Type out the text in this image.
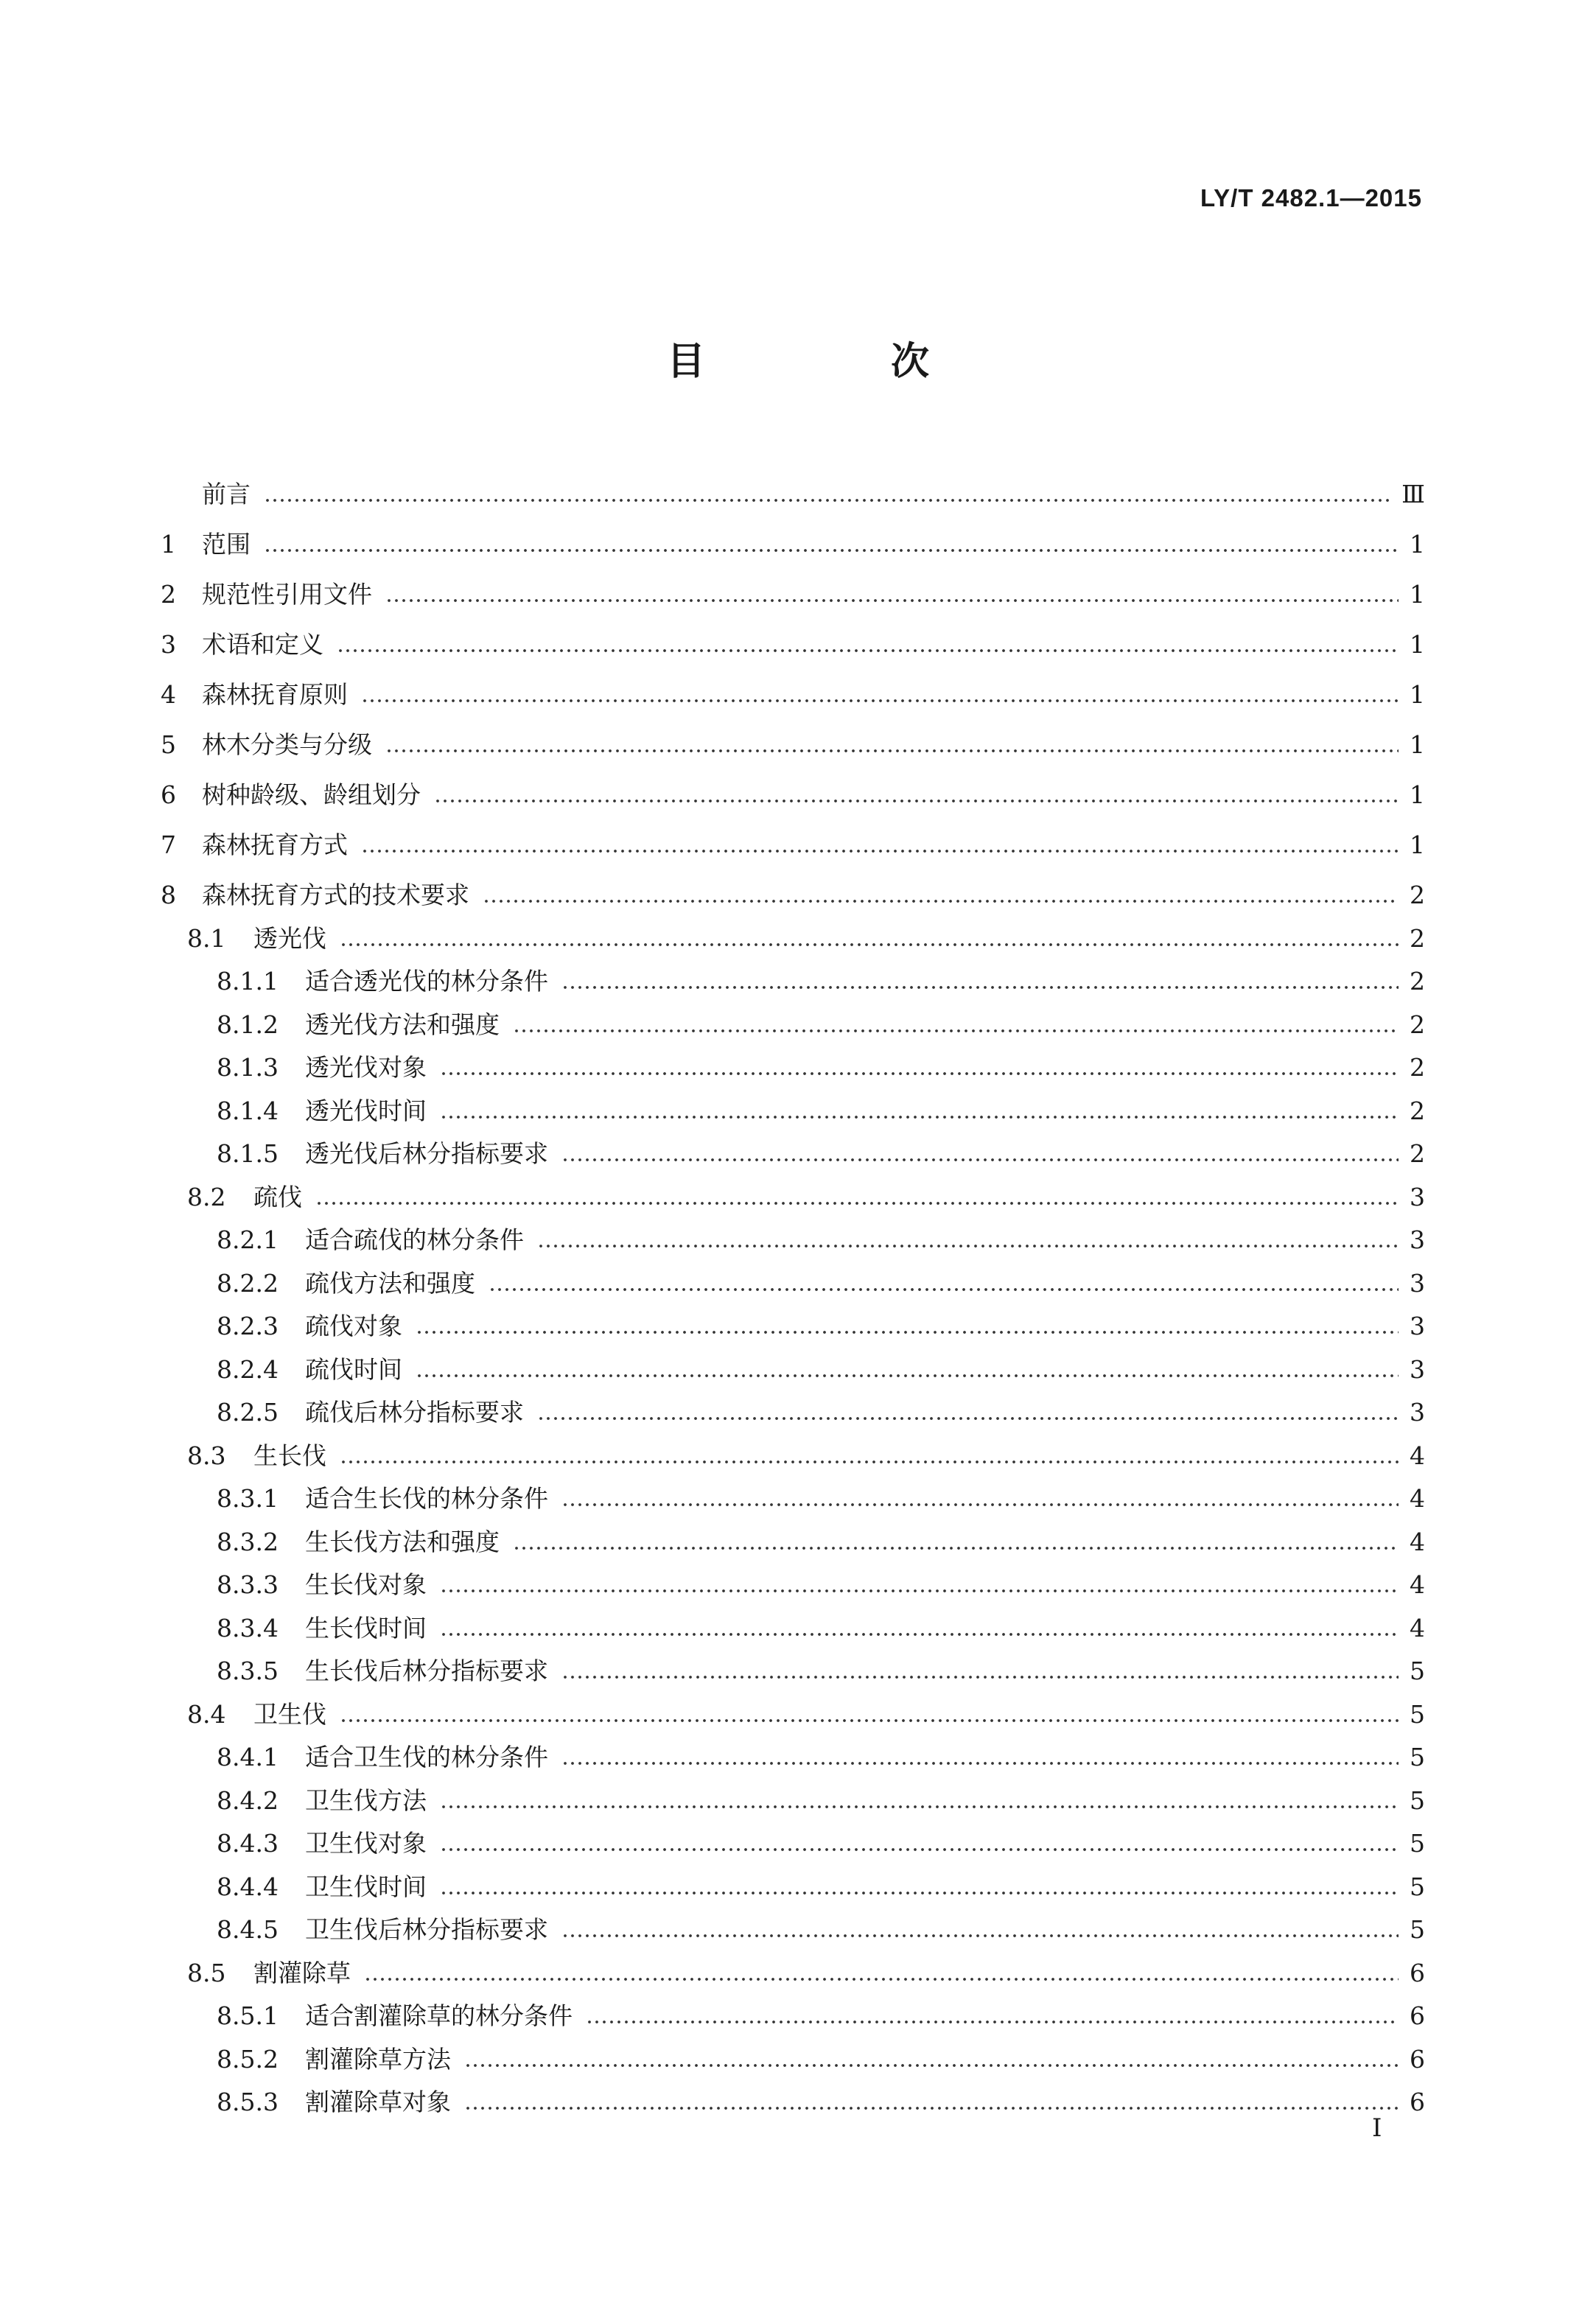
LY/T 2482.1—2015
目　次
前言	Ⅲ
1	范围	1
2	规范性引用文件	1
3	术语和定义	1
4	森林抚育原则	1
5	林木分类与分级	1
6	树种龄级、龄组划分	1
7	森林抚育方式	1
8	森林抚育方式的技术要求	2
8.1	透光伐	2
8.1.1	适合透光伐的林分条件	2
8.1.2	透光伐方法和强度	2
8.1.3	透光伐对象	2
8.1.4	透光伐时间	2
8.1.5	透光伐后林分指标要求	2
8.2	疏伐	3
8.2.1	适合疏伐的林分条件	3
8.2.2	疏伐方法和强度	3
8.2.3	疏伐对象	3
8.2.4	疏伐时间	3
8.2.5	疏伐后林分指标要求	3
8.3	生长伐	4
8.3.1	适合生长伐的林分条件	4
8.3.2	生长伐方法和强度	4
8.3.3	生长伐对象	4
8.3.4	生长伐时间	4
8.3.5	生长伐后林分指标要求	5
8.4	卫生伐	5
8.4.1	适合卫生伐的林分条件	5
8.4.2	卫生伐方法	5
8.4.3	卫生伐对象	5
8.4.4	卫生伐时间	5
8.4.5	卫生伐后林分指标要求	5
8.5	割灌除草	6
8.5.1	适合割灌除草的林分条件	6
8.5.2	割灌除草方法	6
8.5.3	割灌除草对象	6
I
